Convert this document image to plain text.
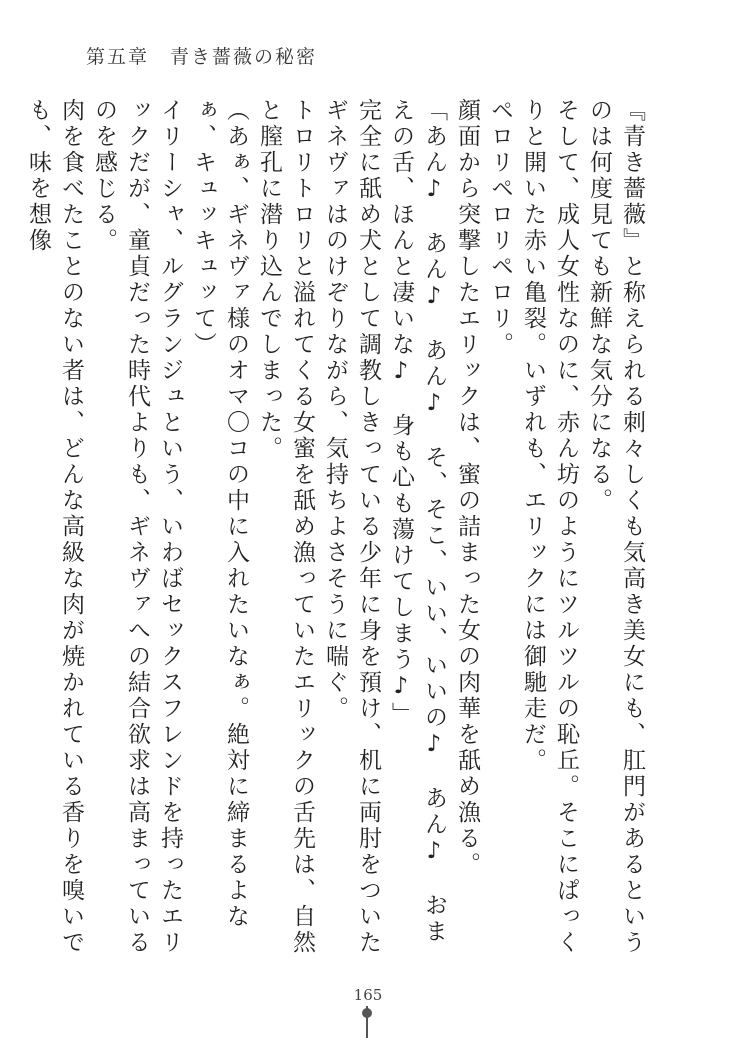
第五章　青き薔薇の秘密

『青き薔薇』と称えられる刺々しくも気高き美女にも、肛門があるというのは何度見ても新鮮な気分になる。

そして、成人女性なのに、赤ん坊のようにツルツルの恥丘。そこにぱっくりと開いた赤い亀裂。いずれも、エリックには御馳走だ。

ペロリペロリペロリ。

顔面から突撃したエリックは、蜜の詰まった女の肉華を舐め漁る。

「あん♪　あん♪　あん♪　そ、そこ、いい、いいの♪　あん♪　おまえの舌、ほんと凄いな♪　身も心も蕩けてしまう♪」

完全に舐め犬として調教しきっている少年に身を預け、机に両肘をついたギネヴァはのけぞりながら、気持ちよさそうに喘ぐ。

トロリトロリと溢れてくる女蜜を舐め漁っていたエリックの舌先は、自然と膣孔に潜り込んでしまった。

（あぁ、ギネヴァ様のオマ〇コの中に入れたいなぁ。絶対に締まるよなぁ、キュッキュッて）

イリーシャ、ルグランジュという、いわばセックスフレンドを持ったエリックだが、童貞だった時代よりも、ギネヴァへの結合欲求は高まっているのを感じる。

肉を食べたことのない者は、どんな高級な肉が焼かれている香りを嗅いでも、味を想像

165
